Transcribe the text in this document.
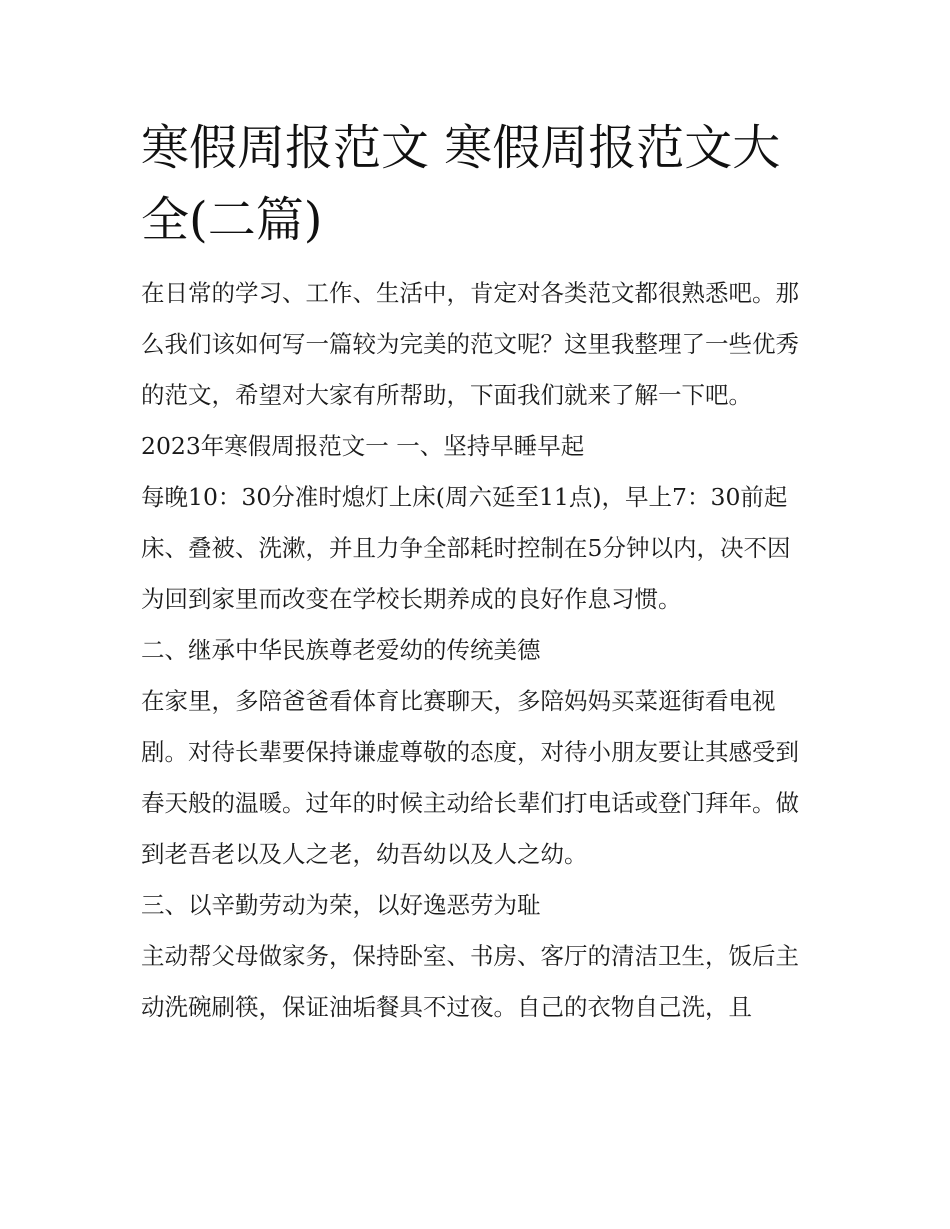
寒假周报范文 寒假周报范文大全(二篇)

在日常的学习、工作、生活中，肯定对各类范文都很熟悉吧。那么我们该如何写一篇较为完美的范文呢？这里我整理了一些优秀的范文，希望对大家有所帮助，下面我们就来了解一下吧。

2023年寒假周报范文一 一、坚持早睡早起

每晚10：30分准时熄灯上床(周六延至11点)，早上7：30前起床、叠被、洗漱，并且力争全部耗时控制在5分钟以内，决不因为回到家里而改变在学校长期养成的良好作息习惯。

二、继承中华民族尊老爱幼的传统美德

在家里，多陪爸爸看体育比赛聊天，多陪妈妈买菜逛街看电视剧。对待长辈要保持谦虚尊敬的态度，对待小朋友要让其感受到春天般的温暖。过年的时候主动给长辈们打电话或登门拜年。做到老吾老以及人之老，幼吾幼以及人之幼。

三、以辛勤劳动为荣，以好逸恶劳为耻

主动帮父母做家务，保持卧室、书房、客厅的清洁卫生，饭后主动洗碗刷筷，保证油垢餐具不过夜。自己的衣物自己洗，且
